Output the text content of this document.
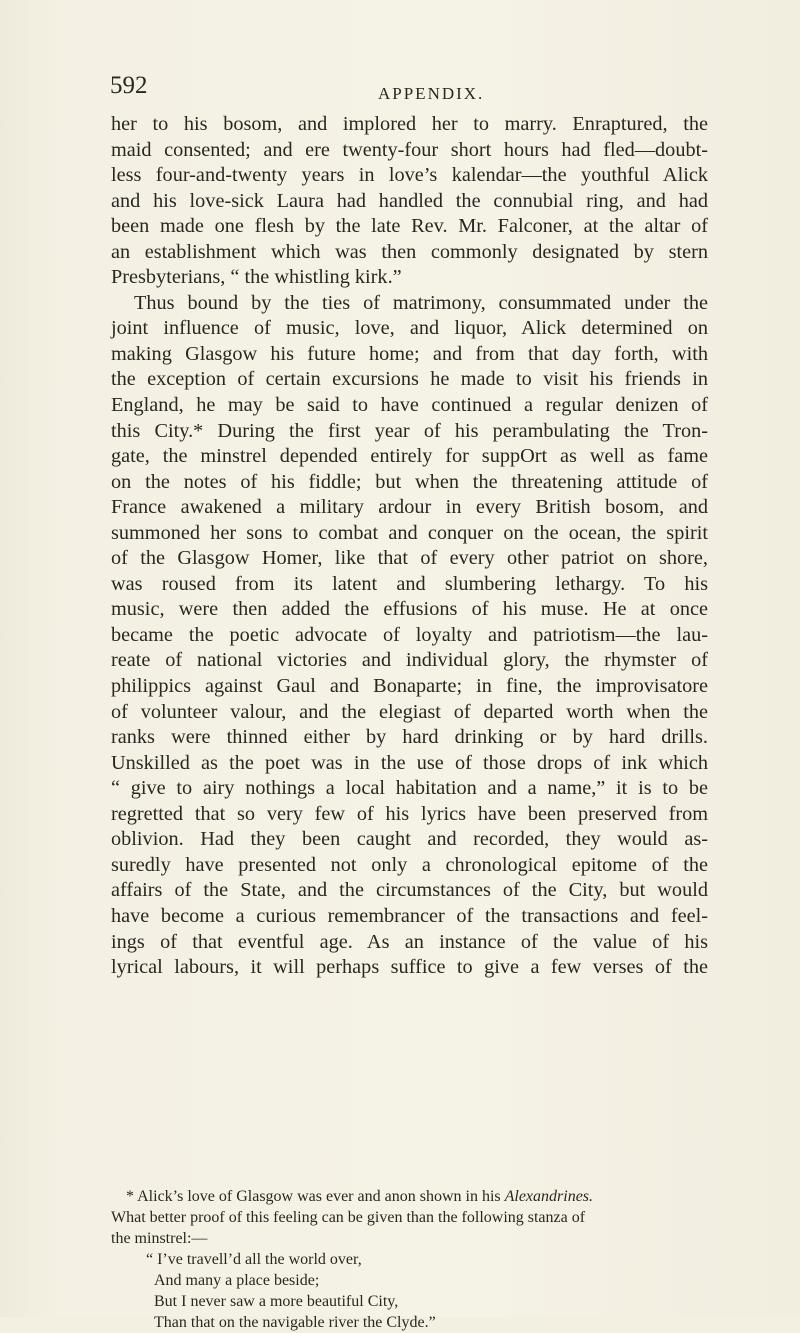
592	APPENDIX.
her to his bosom, and implored her to marry. Enraptured, the
maid consented; and ere twenty-four short hours had fled—doubt-
less four-and-twenty years in love’s kalendar—the youthful Alick
and his love-sick Laura had handled the connubial ring, and had
been made one flesh by the late Rev. Mr. Falconer, at the altar of
an establishment which was then commonly designated by stern
Presbyterians, “ the whistling kirk.”
Thus bound by the ties of matrimony, consummated under the
joint influence of music, love, and liquor, Alick determined on
making Glasgow his future home; and from that day forth, with
the exception of certain excursions he made to visit his friends in
England, he may be said to have continued a regular denizen of
this City.* During the first year of his perambulating the Tron-
gate, the minstrel depended entirely for suppOrt as well as fame
on the notes of his fiddle; but when the threatening attitude of
France awakened a military ardour in every British bosom, and
summoned her sons to combat and conquer on the ocean, the spirit
of the Glasgow Homer, like that of every other patriot on shore,
was roused from its latent and slumbering lethargy. To his
music, were then added the effusions of his muse. He at once
became the poetic advocate of loyalty and patriotism—the lau-
reate of national victories and individual glory, the rhymster of
philippics against Gaul and Bonaparte; in fine, the improvisatore
of volunteer valour, and the elegiast of departed worth when the
ranks were thinned either by hard drinking or by hard drills.
Unskilled as the poet was in the use of those drops of ink which
“ give to airy nothings a local habitation and a name,” it is to be
regretted that so very few of his lyrics have been preserved from
oblivion. Had they been caught and recorded, they would as-
suredly have presented not only a chronological epitome of the
affairs of the State, and the circumstances of the City, but would
have become a curious remembrancer of the transactions and feel-
ings of that eventful age. As an instance of the value of his
lyrical labours, it will perhaps suffice to give a few verses of the
* Alick’s love of Glasgow was ever and anon shown in his Alexandrines.
What better proof of this feeling can be given than the following stanza of
the minstrel:—
“ I’ve travell’d all the world over,
And many a place beside;
But I never saw a more beautiful City,
Than that on the navigable river the Clyde.”
